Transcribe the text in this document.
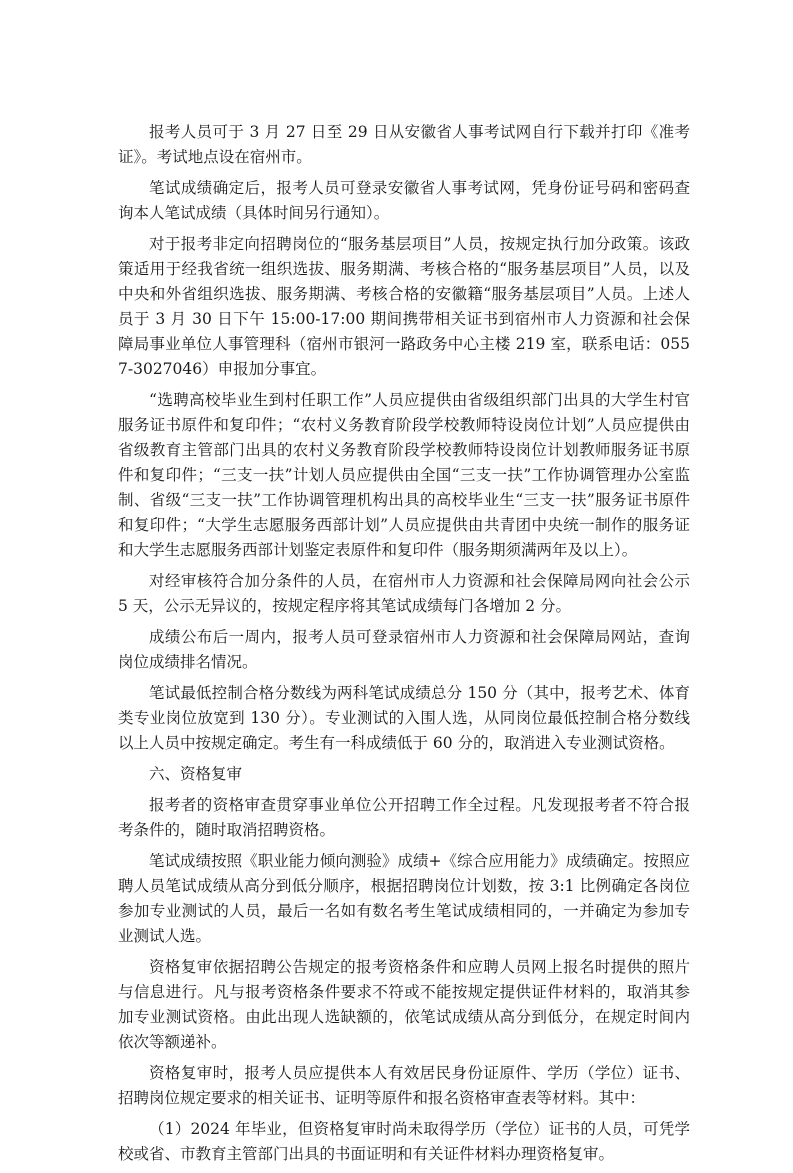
报考人员可于 3 月 27 日至 29 日从安徽省人事考试网自行下载并打印《准考证》。考试地点设在宿州市。

笔试成绩确定后，报考人员可登录安徽省人事考试网，凭身份证号码和密码查询本人笔试成绩（具体时间另行通知）。

对于报考非定向招聘岗位的“服务基层项目”人员，按规定执行加分政策。该政策适用于经我省统一组织选拔、服务期满、考核合格的“服务基层项目”人员，以及中央和外省组织选拔、服务期满、考核合格的安徽籍“服务基层项目”人员。上述人员于 3 月 30 日下午 15:00-17:00 期间携带相关证书到宿州市人力资源和社会保障局事业单位人事管理科（宿州市银河一路政务中心主楼 219 室，联系电话：0557-3027046）申报加分事宜。

“选聘高校毕业生到村任职工作”人员应提供由省级组织部门出具的大学生村官服务证书原件和复印件；“农村义务教育阶段学校教师特设岗位计划”人员应提供由省级教育主管部门出具的农村义务教育阶段学校教师特设岗位计划教师服务证书原件和复印件；“三支一扶”计划人员应提供由全国“三支一扶”工作协调管理办公室监制、省级“三支一扶”工作协调管理机构出具的高校毕业生“三支一扶”服务证书原件和复印件；“大学生志愿服务西部计划”人员应提供由共青团中央统一制作的服务证和大学生志愿服务西部计划鉴定表原件和复印件（服务期须满两年及以上）。

对经审核符合加分条件的人员，在宿州市人力资源和社会保障局网向社会公示 5 天，公示无异议的，按规定程序将其笔试成绩每门各增加 2 分。

成绩公布后一周内，报考人员可登录宿州市人力资源和社会保障局网站，查询岗位成绩排名情况。

笔试最低控制合格分数线为两科笔试成绩总分 150 分（其中，报考艺术、体育类专业岗位放宽到 130 分）。专业测试的入围人选，从同岗位最低控制合格分数线以上人员中按规定确定。考生有一科成绩低于 60 分的，取消进入专业测试资格。

六、资格复审

报考者的资格审查贯穿事业单位公开招聘工作全过程。凡发现报考者不符合报考条件的，随时取消招聘资格。

笔试成绩按照《职业能力倾向测验》成绩+《综合应用能力》成绩确定。按照应聘人员笔试成绩从高分到低分顺序，根据招聘岗位计划数，按 3:1 比例确定各岗位参加专业测试的人员，最后一名如有数名考生笔试成绩相同的，一并确定为参加专业测试人选。

资格复审依据招聘公告规定的报考资格条件和应聘人员网上报名时提供的照片与信息进行。凡与报考资格条件要求不符或不能按规定提供证件材料的，取消其参加专业测试资格。由此出现人选缺额的，依笔试成绩从高分到低分，在规定时间内依次等额递补。

资格复审时，报考人员应提供本人有效居民身份证原件、学历（学位）证书、招聘岗位规定要求的相关证书、证明等原件和报名资格审查表等材料。其中：

（1）2024 年毕业，但资格复审时尚未取得学历（学位）证书的人员，可凭学校或省、市教育主管部门出具的书面证明和有关证件材料办理资格复审。
